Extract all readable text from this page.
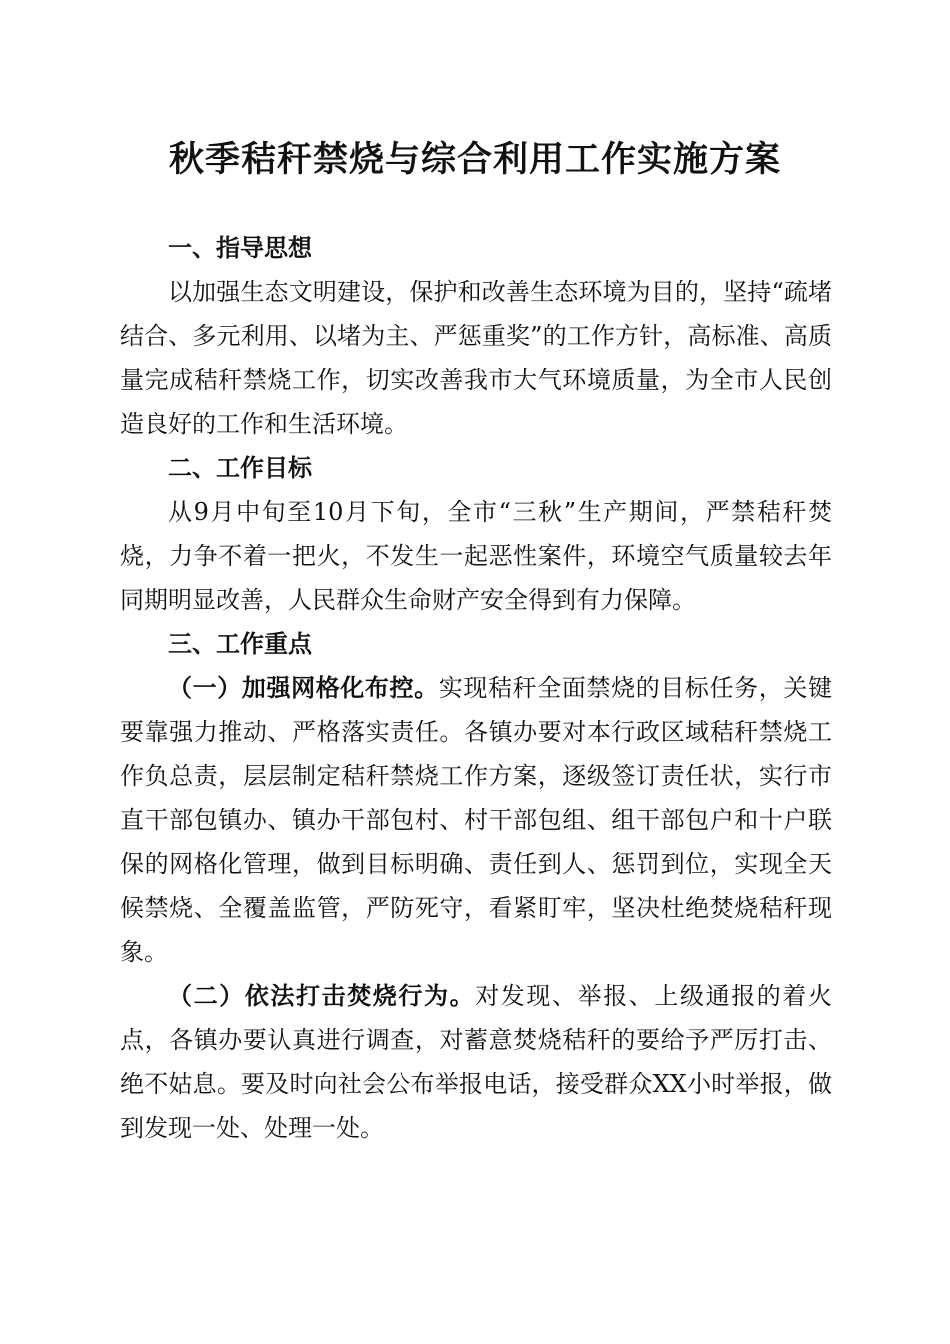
秋季秸秆禁烧与综合利用工作实施方案

一、指导思想

以加强生态文明建设，保护和改善生态环境为目的，坚持“疏堵结合、多元利用、以堵为主、严惩重奖”的工作方针，高标准、高质量完成秸秆禁烧工作，切实改善我市大气环境质量，为全市人民创造良好的工作和生活环境。

二、工作目标

从9月中旬至10月下旬，全市“三秋”生产期间，严禁秸秆焚烧，力争不着一把火，不发生一起恶性案件，环境空气质量较去年同期明显改善，人民群众生命财产安全得到有力保障。

三、工作重点

（一）加强网格化布控。实现秸秆全面禁烧的目标任务，关键要靠强力推动、严格落实责任。各镇办要对本行政区域秸秆禁烧工作负总责，层层制定秸秆禁烧工作方案，逐级签订责任状，实行市直干部包镇办、镇办干部包村、村干部包组、组干部包户和十户联保的网格化管理，做到目标明确、责任到人、惩罚到位，实现全天候禁烧、全覆盖监管，严防死守，看紧盯牢，坚决杜绝焚烧秸秆现象。

（二）依法打击焚烧行为。对发现、举报、上级通报的着火点，各镇办要认真进行调查，对蓄意焚烧秸秆的要给予严厉打击、绝不姑息。要及时向社会公布举报电话，接受群众XX小时举报，做到发现一处、处理一处。
